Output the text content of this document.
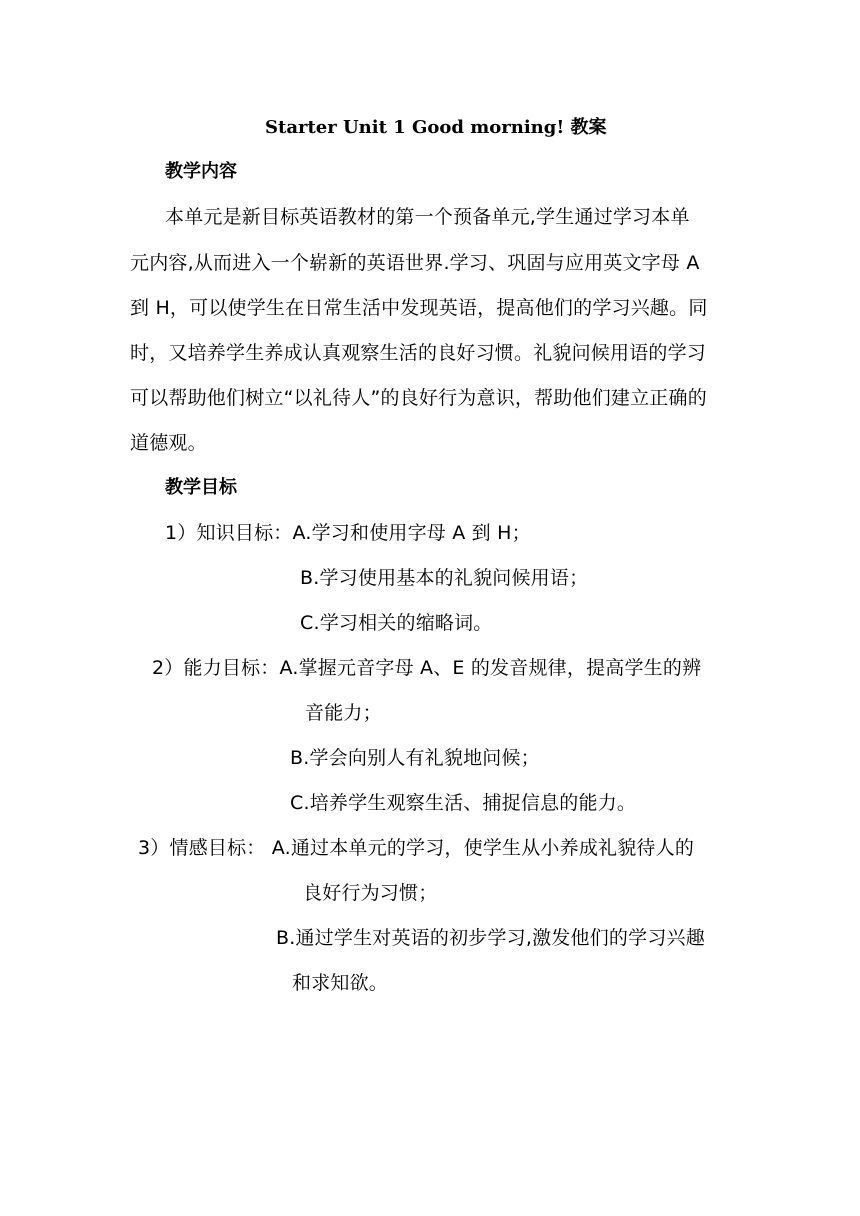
Starter Unit 1 Good morning! 教案
教学内容
本单元是新目标英语教材的第一个预备单元,学生通过学习本单
元内容,从而进入一个崭新的英语世界.学习、巩固与应用英文字母 A
到 H，可以使学生在日常生活中发现英语，提高他们的学习兴趣。同
时，又培养学生养成认真观察生活的良好习惯。礼貌问候用语的学习
可以帮助他们树立“以礼待人”的良好行为意识，帮助他们建立正确的
道德观。
教学目标
1）知识目标：A.学习和使用字母 A 到 H；
B.学习使用基本的礼貌问候用语；
C.学习相关的缩略词。
2）能力目标：A.掌握元音字母 A、E 的发音规律，提高学生的辨
音能力；
B.学会向别人有礼貌地问候；
C.培养学生观察生活、捕捉信息的能力。
3）情感目标： A.通过本单元的学习，使学生从小养成礼貌待人的
良好行为习惯；
B.通过学生对英语的初步学习,激发他们的学习兴趣
和求知欲。
